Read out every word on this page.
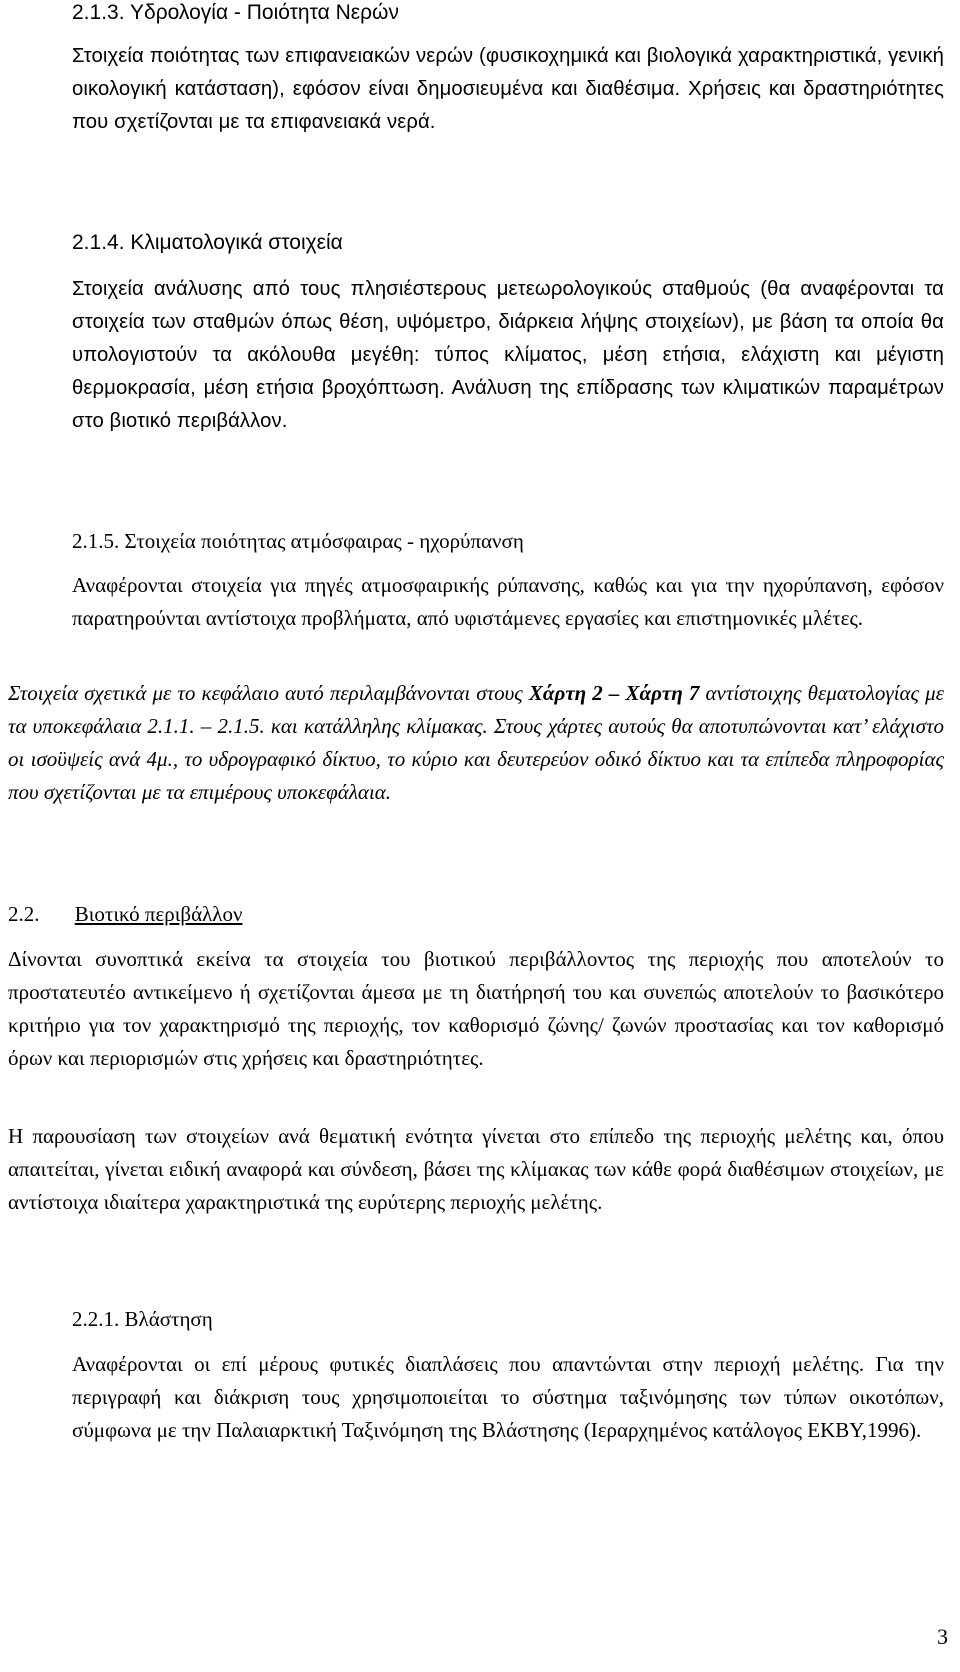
2.1.3. Υδρολογία - Ποιότητα Νερών

Στοιχεία ποιότητας των επιφανειακών νερών (φυσικοχημικά και βιολογικά χαρακτηριστικά, γενική οικολογική κατάσταση), εφόσον είναι δημοσιευμένα και διαθέσιμα. Χρήσεις και δραστηριότητες που σχετίζονται με τα επιφανειακά νερά.

2.1.4. Κλιματολογικά στοιχεία

Στοιχεία ανάλυσης από τους πλησιέστερους μετεωρολογικούς σταθμούς (θα αναφέρονται τα στοιχεία των σταθμών όπως θέση, υψόμετρο, διάρκεια λήψης στοιχείων), με βάση τα οποία θα υπολογιστούν τα ακόλουθα μεγέθη: τύπος κλίματος, μέση ετήσια, ελάχιστη και μέγιστη θερμοκρασία, μέση ετήσια βροχόπτωση. Ανάλυση της επίδρασης των κλιματικών παραμέτρων στο βιοτικό περιβάλλον.

2.1.5. Στοιχεία ποιότητας ατμόσφαιρας - ηχορύπανση

Αναφέρονται στοιχεία για πηγές ατμοσφαιρικής ρύπανσης, καθώς και για την ηχορύπανση, εφόσον παρατηρούνται αντίστοιχα προβλήματα, από υφιστάμενες εργασίες και επιστημονικές μλέτες.

Στοιχεία σχετικά με το κεφάλαιο αυτό περιλαμβάνονται στους Χάρτη 2 – Χάρτη 7 αντίστοιχης θεματολογίας με τα υποκεφάλαια 2.1.1. – 2.1.5. και κατάλληλης κλίμακας. Στους χάρτες αυτούς θα αποτυπώνονται κατ’ ελάχιστο οι ισοϋψείς ανά 4μ., το υδρογραφικό δίκτυο, το κύριο και δευτερεύον οδικό δίκτυο και τα επίπεδα πληροφορίας που σχετίζονται με τα επιμέρους υποκεφάλαια.

2.2. Βιοτικό περιβάλλον

Δίνονται συνοπτικά εκείνα τα στοιχεία του βιοτικού περιβάλλοντος της περιοχής που αποτελούν το προστατευτέο αντικείμενο ή σχετίζονται άμεσα με τη διατήρησή του και συνεπώς αποτελούν το βασικότερο κριτήριο για τον χαρακτηρισμό της περιοχής, τον καθορισμό ζώνης/ ζωνών προστασίας και τον καθορισμό όρων και περιορισμών στις χρήσεις και δραστηριότητες.

Η παρουσίαση των στοιχείων ανά θεματική ενότητα γίνεται στο επίπεδο της περιοχής μελέτης και, όπου απαιτείται, γίνεται ειδική αναφορά και σύνδεση, βάσει της κλίμακας των κάθε φορά διαθέσιμων στοιχείων, με αντίστοιχα ιδιαίτερα χαρακτηριστικά της ευρύτερης περιοχής μελέτης.

2.2.1. Βλάστηση

Αναφέρονται οι επί μέρους φυτικές διαπλάσεις που απαντώνται στην περιοχή μελέτης. Για την περιγραφή και διάκριση τους χρησιμοποιείται το σύστημα ταξινόμησης των τύπων οικοτόπων, σύμφωνα με την Παλαιαρκτική Ταξινόμηση της Βλάστησης (Ιεραρχημένος κατάλογος ΕΚΒΥ,1996).

3
